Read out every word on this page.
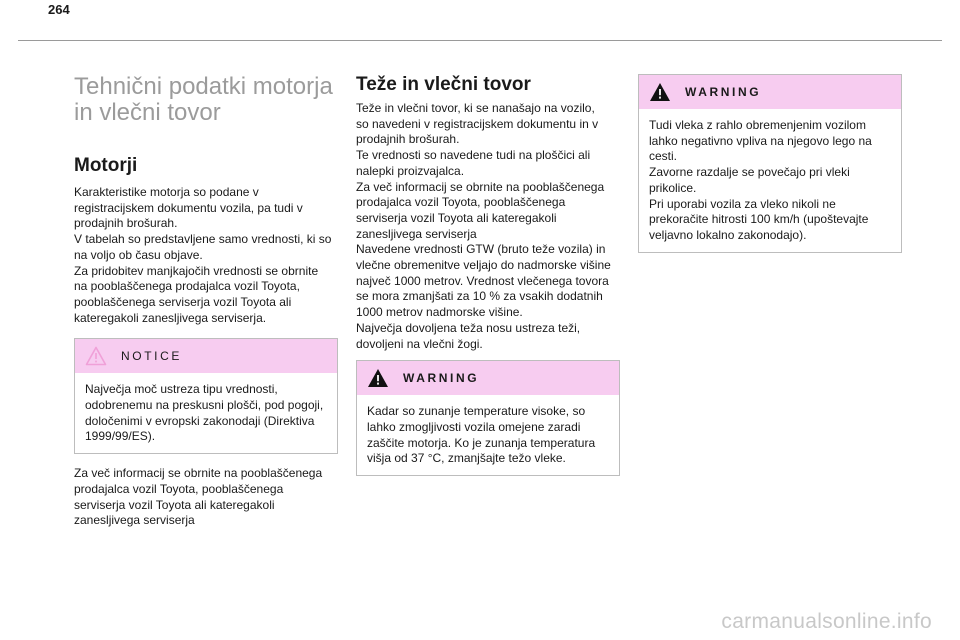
264
Tehnični podatki motorja
in vlečni tovor
Motorji

Karakteristike motorja so podane v
registracijskem dokumentu vozila, pa tudi v
prodajnih brošurah.
V tabelah so predstavljene samo vrednosti, ki so
na voljo ob času objave.
Za pridobitev manjkajočih vrednosti se obrnite
na pooblaščenega prodajalca vozil Toyota,
pooblaščenega serviserja vozil Toyota ali
kateregakoli zanesljivega serviserja.

NOTICE

Največja moč ustreza tipu vrednosti,
odobrenemu na preskusni plošči, pod pogoji,
določenimi v evropski zakonodaji (Direktiva
1999/99/ES).

Za več informacij se obrnite na pooblaščenega
prodajalca vozil Toyota, pooblaščenega
serviserja vozil Toyota ali kateregakoli
zanesljivega serviserja

Teže in vlečni tovor

Teže in vlečni tovor, ki se nanašajo na vozilo,
so navedeni v registracijskem dokumentu in v
prodajnih brošurah.
Te vrednosti so navedene tudi na ploščici ali
nalepki proizvajalca.
Za več informacij se obrnite na pooblaščenega
prodajalca vozil Toyota, pooblaščenega
serviserja vozil Toyota ali kateregakoli
zanesljivega serviserja
Navedene vrednosti GTW (bruto teže vozila) in
vlečne obremenitve veljajo do nadmorske višine
največ 1000 metrov. Vrednost vlečenega tovora
se mora zmanjšati za 10 % za vsakih dodatnih
1000 metrov nadmorske višine.
Največja dovoljena teža nosu ustreza teži,
dovoljeni na vlečni žogi.

WARNING

Kadar so zunanje temperature visoke, so
lahko zmogljivosti vozila omejene zaradi
zaščite motorja. Ko je zunanja temperatura
višja od 37 °C, zmanjšajte težo vleke.

WARNING

Tudi vleka z rahlo obremenjenim vozilom
lahko negativno vpliva na njegovo lego na
cesti.
Zavorne razdalje se povečajo pri vleki
prikolice.
Pri uporabi vozila za vleko nikoli ne
prekoračite hitrosti 100 km/h (upoštevajte
veljavno lokalno zakonodajo).

carmanualsonline.info
